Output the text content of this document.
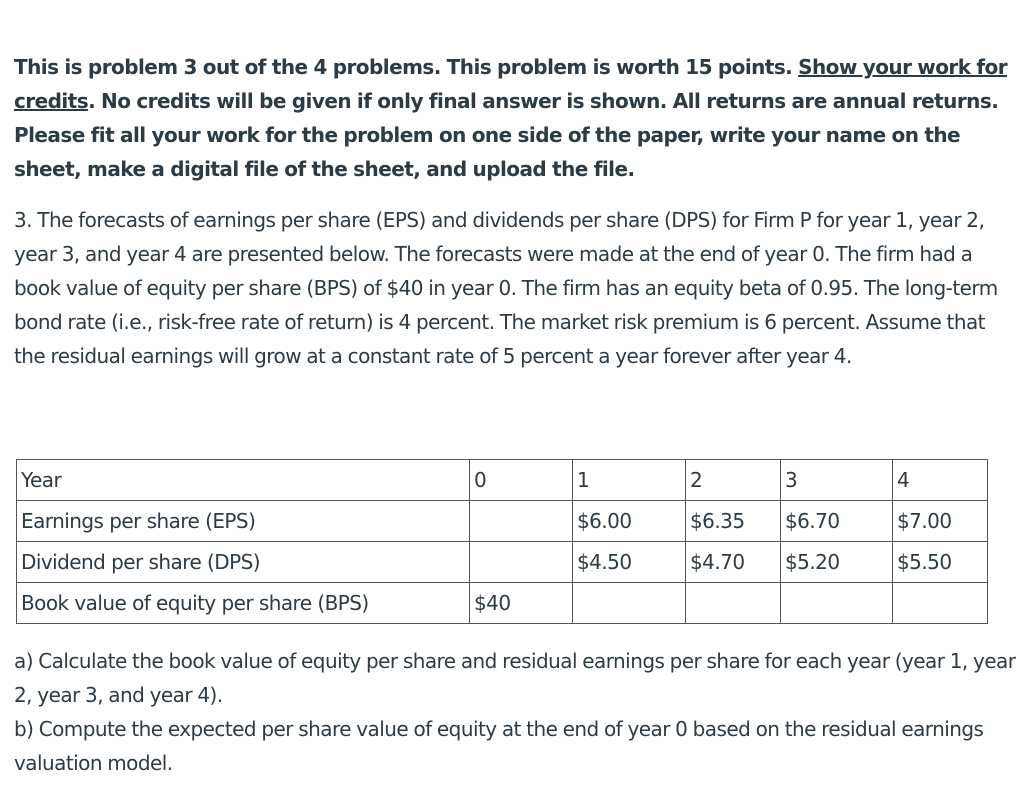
This is problem 3 out of the 4 problems. This problem is worth 15 points. Show your work for credits. No credits will be given if only final answer is shown. All returns are annual returns. Please fit all your work for the problem on one side of the paper, write your name on the sheet, make a digital file of the sheet, and upload the file.
3. The forecasts of earnings per share (EPS) and dividends per share (DPS) for Firm P for year 1, year 2, year 3, and year 4 are presented below. The forecasts were made at the end of year 0. The firm had a book value of equity per share (BPS) of $40 in year 0. The firm has an equity beta of 0.95. The long-term bond rate (i.e., risk-free rate of return) is 4 percent. The market risk premium is 6 percent. Assume that the residual earnings will grow at a constant rate of 5 percent a year forever after year 4.
Year	0	1	2	3	4
Earnings per share (EPS)		$6.00	$6.35	$6.70	$7.00
Dividend per share (DPS)		$4.50	$4.70	$5.20	$5.50
Book value of equity per share (BPS)	$40				

a) Calculate the book value of equity per share and residual earnings per share for each year (year 1, year 2, year 3, and year 4).

b) Compute the expected per share value of equity at the end of year 0 based on the residual earnings valuation model.
